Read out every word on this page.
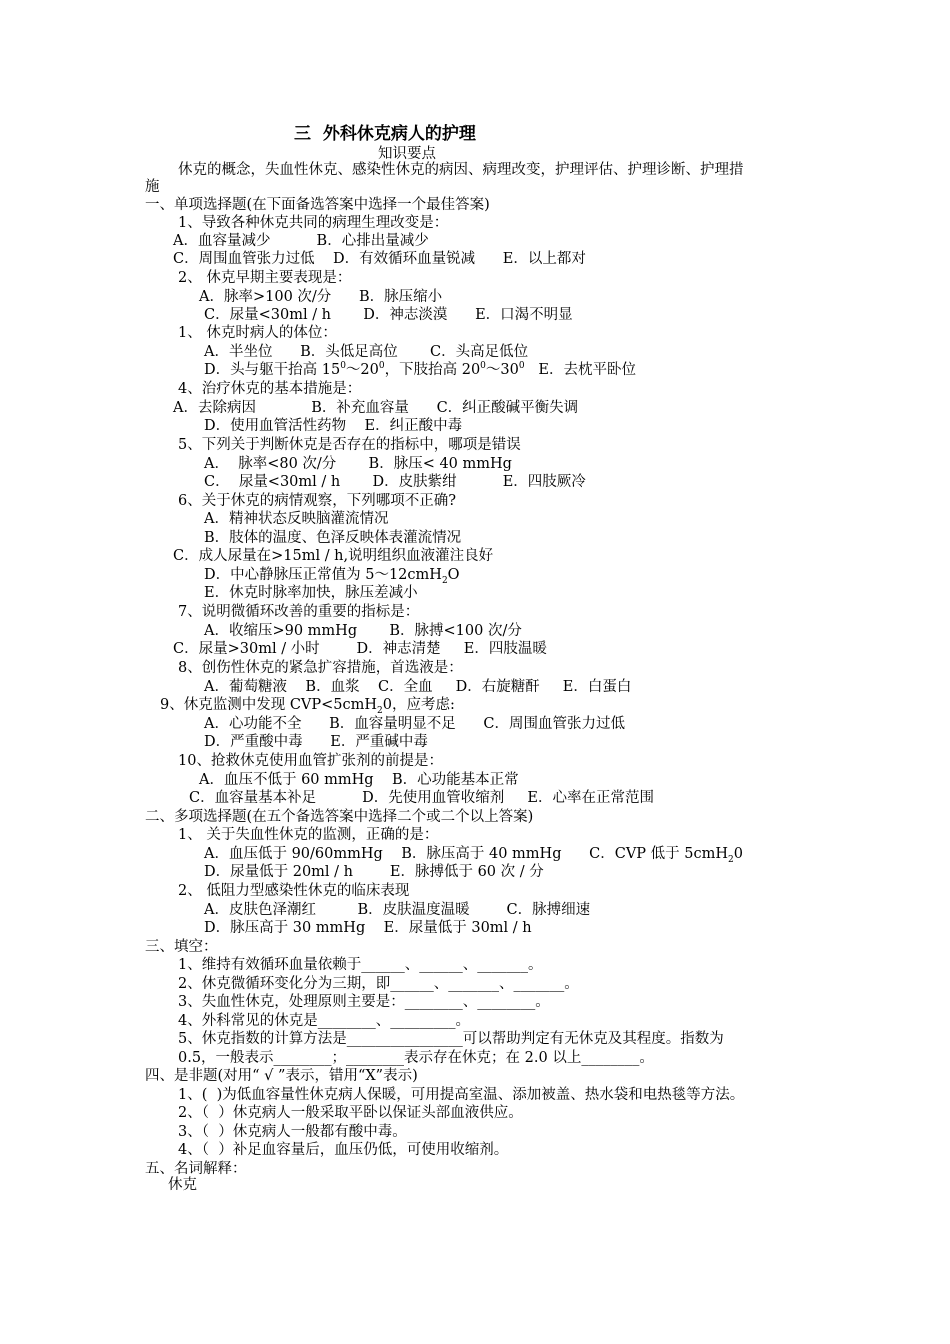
三  外科休克病人的护理
知识要点
休克的概念，失血性休克、感染性休克的病因、病理改变，护理评估、护理诊断、护理措
施
一、单项选择题(在下面备选答案中选择一个最佳答案)
1、导致各种休克共同的病理生理改变是：
A．血容量减少          B．心排出量减少
C．周围血管张力过低    D．有效循环血量锐减      E．以上都对
2、 休克早期主要表现是：
A．脉率>100 次/分      B．脉压缩小
C．尿量<30ml / h       D．神志淡漠      E．口渴不明显
1、 休克时病人的体位：
A．半坐位      B．头低足高位       C．头高足低位
D．头与躯干抬高 $15^0\sim 20^0$，下肢抬高 $20^0\sim 30^0$   E．去枕平卧位
4、治疗休克的基本措施是：
A．去除病因            B．补充血容量      C．纠正酸碱平衡失调
D．使用血管活性药物    E．纠正酸中毒
5、下列关于判断休克是否存在的指标中，哪项是错误
A．  脉率<80 次/分       B．脉压< 40 mmHg
C．  尿量<30ml / h       D．皮肤紫绀          E．四肢厥冷
6、关于休克的病情观察，下列哪项不正确?
A．精神状态反映脑灌流情况
B．肢体的温度、色泽反映体表灌流情况
C．成人尿量在>15ml / h,说明组织血液灌注良好
D．中心静脉压正常值为 5～12cmH$_2$O
E．休克时脉率加快，脉压差减小
7、说明微循环改善的重要的指标是：
A．收缩压>90 mmHg       B．脉搏<100 次/分
C．尿量>30ml / 小时        D．神志清楚     E．四肢温暖
8、创伤性休克的紧急扩容措施，首选液是：
A．葡萄糖液    B．血浆    C．全血     D．右旋糖酐     E．白蛋白
9、休克监测中发现 CVP<5cmH$_2$0，应考虑:
A．心功能不全      B．血容量明显不足      C．周围血管张力过低
D．严重酸中毒      E．严重碱中毒
10、抢救休克使用血管扩张剂的前提是：
A．血压不低于 60 mmHg    B．心功能基本正常
C．血容量基本补足          D．先使用血管收缩剂     E．心率在正常范围
二、多项选择题(在五个备选答案中选择二个或二个以上答案)
1、 关于失血性休克的监测，正确的是：
A．血压低于 90/60mmHg    B．脉压高于 40 mmHg      C．CVP 低于 5cmH$_2$0
D．尿量低于 20ml / h        E．脉搏低于 60 次 / 分
2、 低阻力型感染性休克的临床表现
A．皮肤色泽潮红         B．皮肤温度温暖        C．脉搏细速
D．脉压高于 30 mmHg    E．尿量低于 30ml / h
三、填空：
1、维持有效循环血量依赖于______、______、_______。
2、休克微循环变化分为三期，即______、_______、_______。
3、失血性休克，处理原则主要是：________、________。
4、外科常见的休克是________、_________。
5、休克指数的计算方法是________________可以帮助判定有无休克及其程度。指数为
0.5，一般表示________；________表示存在休克；在 2.0 以上________。
四、是非题(对用“ √ ”表示，错用“X”表示)
1、(  )为低血容量性休克病人保暖，可用提高室温、添加被盖、热水袋和电热毯等方法。
2、（  ）休克病人一般采取平卧以保证头部血液供应。
3、（  ）休克病人一般都有酸中毒。
4、（  ）补足血容量后，血压仍低，可使用收缩剂。
五、名词解释：
休克
